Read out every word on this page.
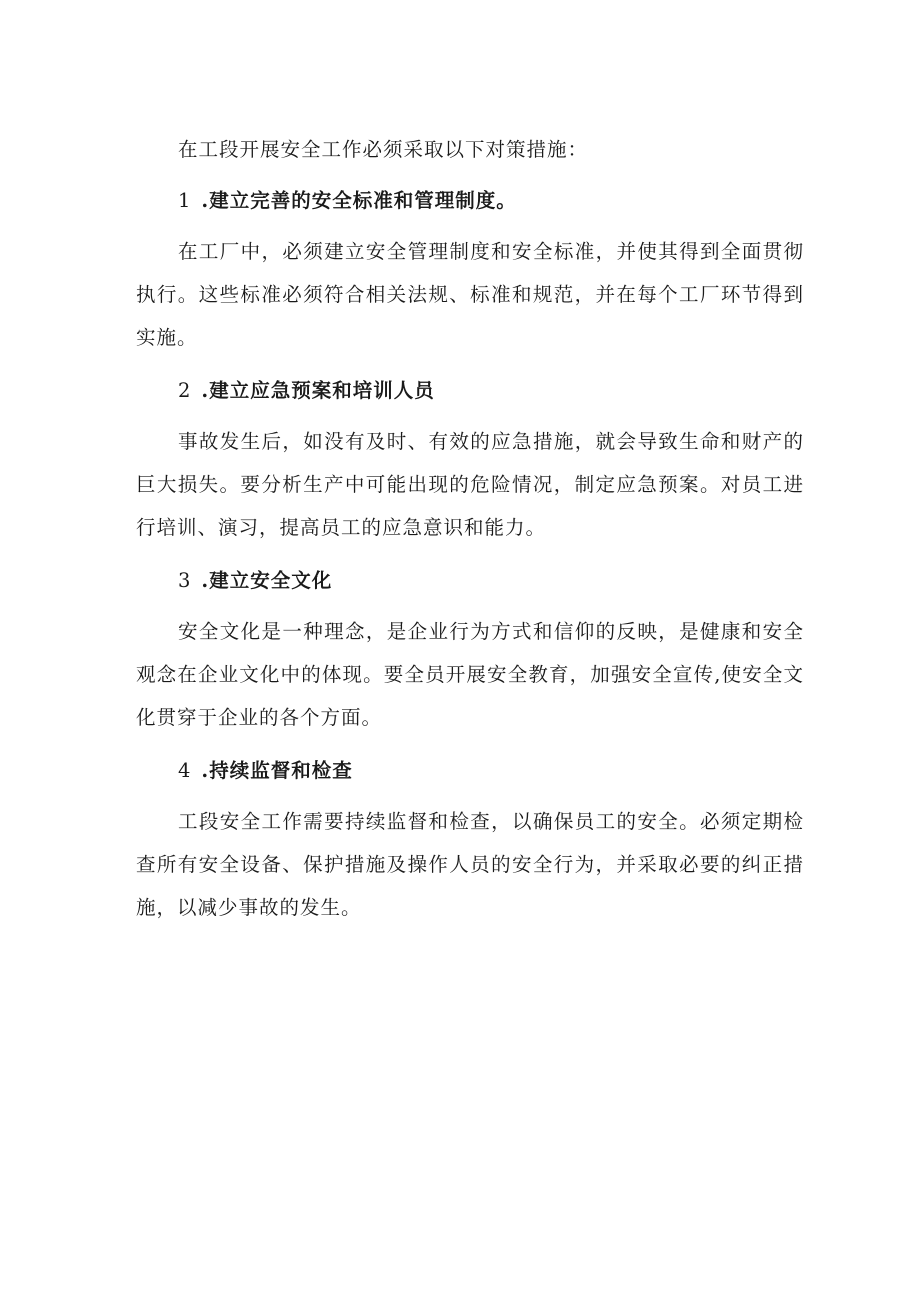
在工段开展安全工作必须采取以下对策措施：

1 .建立完善的安全标准和管理制度。

在工厂中，必须建立安全管理制度和安全标准，并使其得到全面贯彻执行。这些标准必须符合相关法规、标准和规范，并在每个工厂环节得到实施。

2 .建立应急预案和培训人员

事故发生后，如没有及时、有效的应急措施，就会导致生命和财产的巨大损失。要分析生产中可能出现的危险情况，制定应急预案。对员工进行培训、演习，提高员工的应急意识和能力。

3 .建立安全文化

安全文化是一种理念，是企业行为方式和信仰的反映，是健康和安全观念在企业文化中的体现。要全员开展安全教育，加强安全宣传,使安全文化贯穿于企业的各个方面。

4 .持续监督和检查

工段安全工作需要持续监督和检查，以确保员工的安全。必须定期检查所有安全设备、保护措施及操作人员的安全行为，并采取必要的纠正措施，以减少事故的发生。
